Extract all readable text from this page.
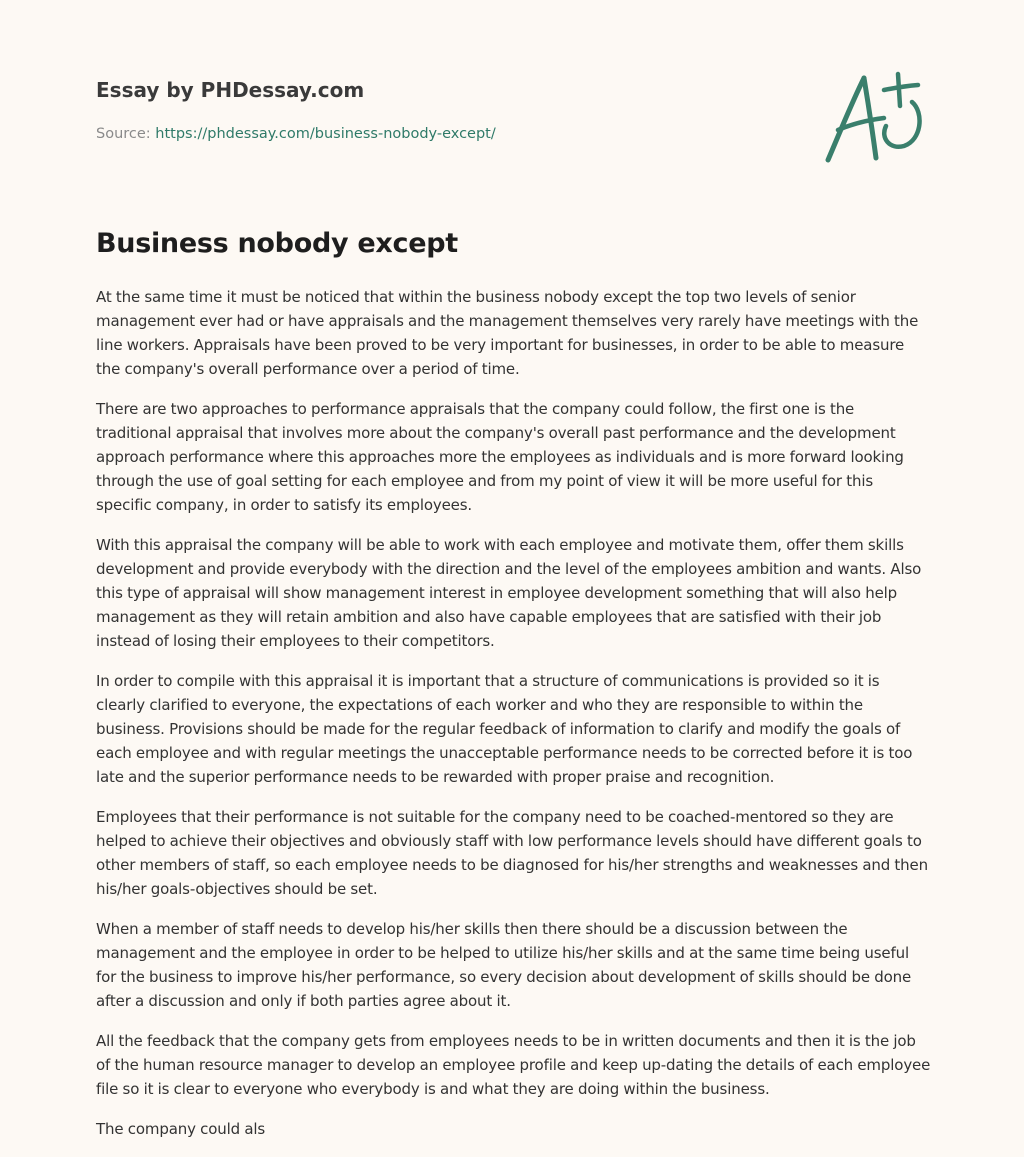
Essay by PHDessay.com
Source: https://phdessay.com/business-nobody-except/
Business nobody except

At the same time it must be noticed that within the business nobody except the top two levels of senior management ever had or have appraisals and the management themselves very rarely have meetings with the line workers. Appraisals have been proved to be very important for businesses, in order to be able to measure the company's overall performance over a period of time.

There are two approaches to performance appraisals that the company could follow, the first one is the traditional appraisal that involves more about the company's overall past performance and the development approach performance where this approaches more the employees as individuals and is more forward looking through the use of goal setting for each employee and from my point of view it will be more useful for this specific company, in order to satisfy its employees.

With this appraisal the company will be able to work with each employee and motivate them, offer them skills development and provide everybody with the direction and the level of the employees ambition and wants. Also this type of appraisal will show management interest in employee development something that will also help management as they will retain ambition and also have capable employees that are satisfied with their job instead of losing their employees to their competitors.

In order to compile with this appraisal it is important that a structure of communications is provided so it is clearly clarified to everyone, the expectations of each worker and who they are responsible to within the business. Provisions should be made for the regular feedback of information to clarify and modify the goals of each employee and with regular meetings the unacceptable performance needs to be corrected before it is too late and the superior performance needs to be rewarded with proper praise and recognition.

Employees that their performance is not suitable for the company need to be coached-mentored so they are helped to achieve their objectives and obviously staff with low performance levels should have different goals to other members of staff, so each employee needs to be diagnosed for his/her strengths and weaknesses and then his/her goals-objectives should be set.

When a member of staff needs to develop his/her skills then there should be a discussion between the management and the employee in order to be helped to utilize his/her skills and at the same time being useful for the business to improve his/her performance, so every decision about development of skills should be done after a discussion and only if both parties agree about it.

All the feedback that the company gets from employees needs to be in written documents and then it is the job of the human resource manager to develop an employee profile and keep up-dating the details of each employee file so it is clear to everyone who everybody is and what they are doing within the business.

The company could als
